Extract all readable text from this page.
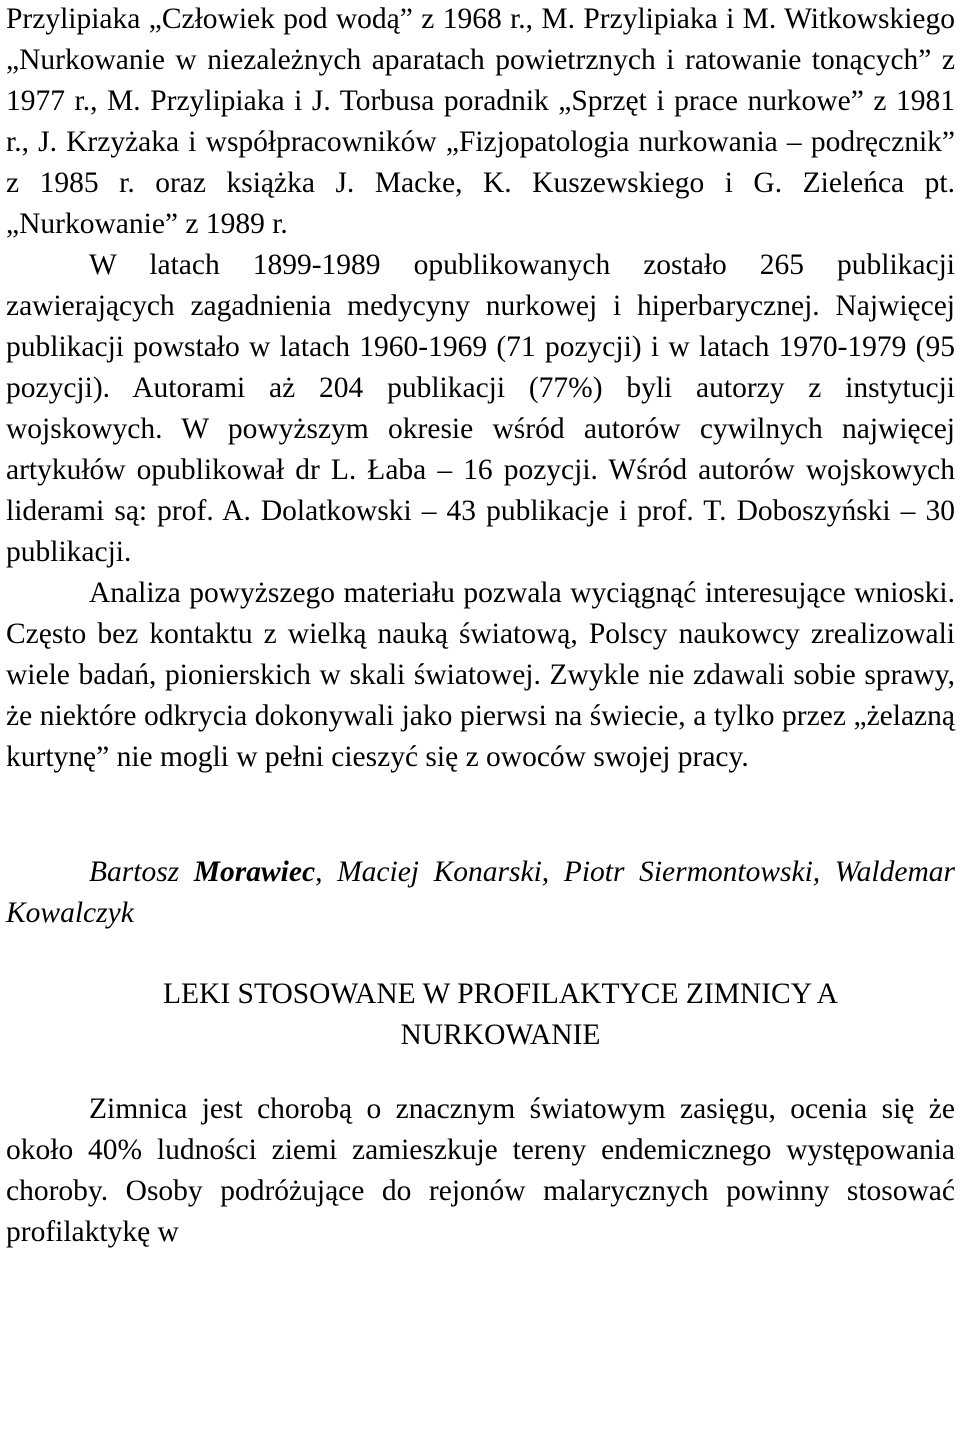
Przylipiaka „Człowiek pod wodą” z 1968 r., M. Przylipiaka i M. Witkowskiego „Nurkowanie w niezależnych aparatach powietrznych i ratowanie tonących” z 1977 r., M. Przylipiaka i J. Torbusa poradnik „Sprzęt i prace nurkowe” z 1981 r., J. Krzyżaka i współpracowników „Fizjopatologia nurkowania – podręcznik” z 1985 r. oraz książka J. Macke, K. Kuszewskiego i G. Zieleńca pt. „Nurkowanie” z 1989 r.

W latach 1899-1989 opublikowanych zostało 265 publikacji zawierających zagadnienia medycyny nurkowej i hiperbarycznej. Najwięcej publikacji powstało w latach 1960-1969 (71 pozycji) i w latach 1970-1979 (95 pozycji). Autorami aż 204 publikacji (77%) byli autorzy z instytucji wojskowych. W powyższym okresie wśród autorów cywilnych najwięcej artykułów opublikował dr L. Łaba – 16 pozycji. Wśród autorów wojskowych liderami są: prof. A. Dolatkowski – 43 publikacje i prof. T. Doboszyński – 30 publikacji.

Analiza powyższego materiału pozwala wyciągnąć interesujące wnioski. Często bez kontaktu z wielką nauką światową, Polscy naukowcy zrealizowali wiele badań, pionierskich w skali światowej. Zwykle nie zdawali sobie sprawy, że niektóre odkrycia dokonywali jako pierwsi na świecie, a tylko przez „żelazną kurtynę” nie mogli w pełni cieszyć się z owoców swojej pracy.

Bartosz Morawiec, Maciej Konarski, Piotr Siermontowski, Waldemar Kowalczyk

LEKI STOSOWANE W PROFILAKTYCE ZIMNICY A
NURKOWANIE

Zimnica jest chorobą o znacznym światowym zasięgu, ocenia się że około 40% ludności ziemi zamieszkuje tereny endemicznego występowania choroby. Osoby podróżujące do rejonów malarycznych powinny stosować profilaktykę w
